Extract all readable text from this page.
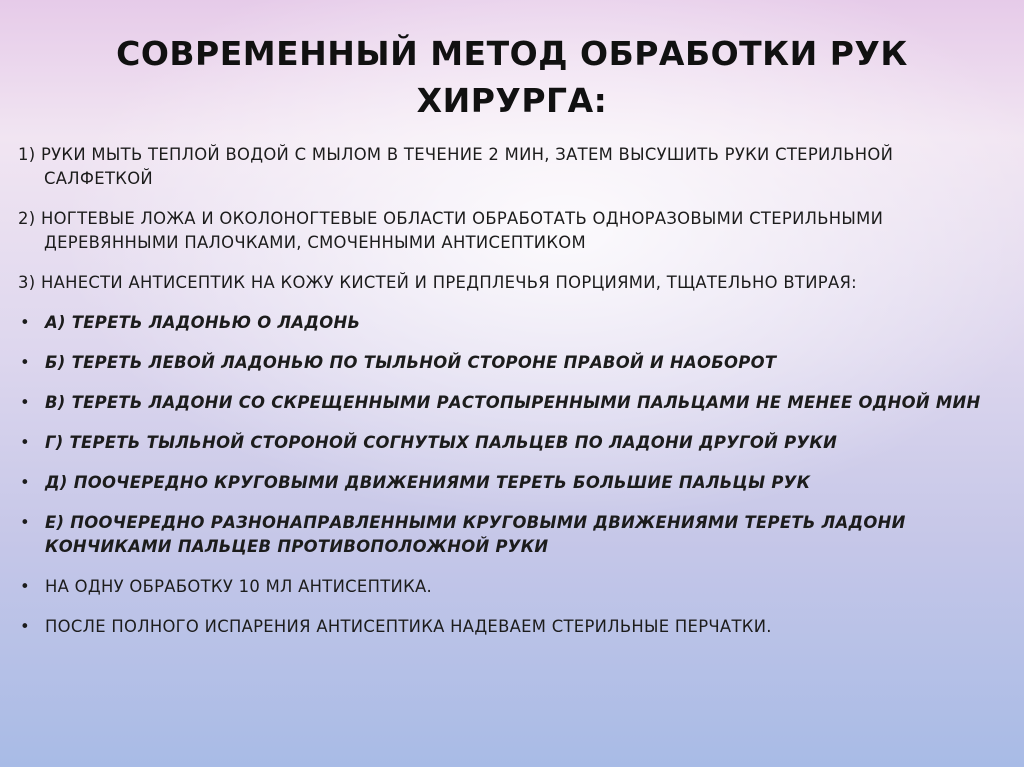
СОВРЕМЕННЫЙ МЕТОД ОБРАБОТКИ РУК ХИРУРГА:
1) РУКИ МЫТЬ ТЕПЛОЙ ВОДОЙ С МЫЛОМ В ТЕЧЕНИЕ 2 МИН, ЗАТЕМ ВЫСУШИТЬ РУКИ СТЕРИЛЬНОЙ
САЛФЕТКОЙ
2) НОГТЕВЫЕ ЛОЖА И ОКОЛОНОГТЕВЫЕ ОБЛАСТИ ОБРАБОТАТЬ ОДНОРАЗОВЫМИ СТЕРИЛЬНЫМИ
ДЕРЕВЯННЫМИ ПАЛОЧКАМИ, СМОЧЕННЫМИ АНТИСЕПТИКОМ
3) НАНЕСТИ АНТИСЕПТИК НА КОЖУ КИСТЕЙ И ПРЕДПЛЕЧЬЯ ПОРЦИЯМИ, ТЩАТЕЛЬНО ВТИРАЯ:
• А) ТЕРЕТЬ ЛАДОНЬЮ О ЛАДОНЬ
• Б) ТЕРЕТЬ ЛЕВОЙ ЛАДОНЬЮ ПО ТЫЛЬНОЙ СТОРОНЕ ПРАВОЙ И НАОБОРОТ
• В) ТЕРЕТЬ ЛАДОНИ СО СКРЕЩЕННЫМИ РАСТОПЫРЕННЫМИ ПАЛЬЦАМИ НЕ МЕНЕЕ ОДНОЙ МИН
• Г) ТЕРЕТЬ ТЫЛЬНОЙ СТОРОНОЙ СОГНУТЫХ ПАЛЬЦЕВ ПО ЛАДОНИ ДРУГОЙ РУКИ
• Д) ПООЧЕРЕДНО КРУГОВЫМИ ДВИЖЕНИЯМИ ТЕРЕТЬ БОЛЬШИЕ ПАЛЬЦЫ РУК
• Е) ПООЧЕРЕДНО РАЗНОНАПРАВЛЕННЫМИ КРУГОВЫМИ ДВИЖЕНИЯМИ ТЕРЕТЬ ЛАДОНИ КОНЧИКАМИ ПАЛЬЦЕВ ПРОТИВОПОЛОЖНОЙ РУКИ
• НА ОДНУ ОБРАБОТКУ 10 МЛ АНТИСЕПТИКА.
• ПОСЛЕ ПОЛНОГО ИСПАРЕНИЯ АНТИСЕПТИКА НАДЕВАЕМ СТЕРИЛЬНЫЕ ПЕРЧАТКИ.
